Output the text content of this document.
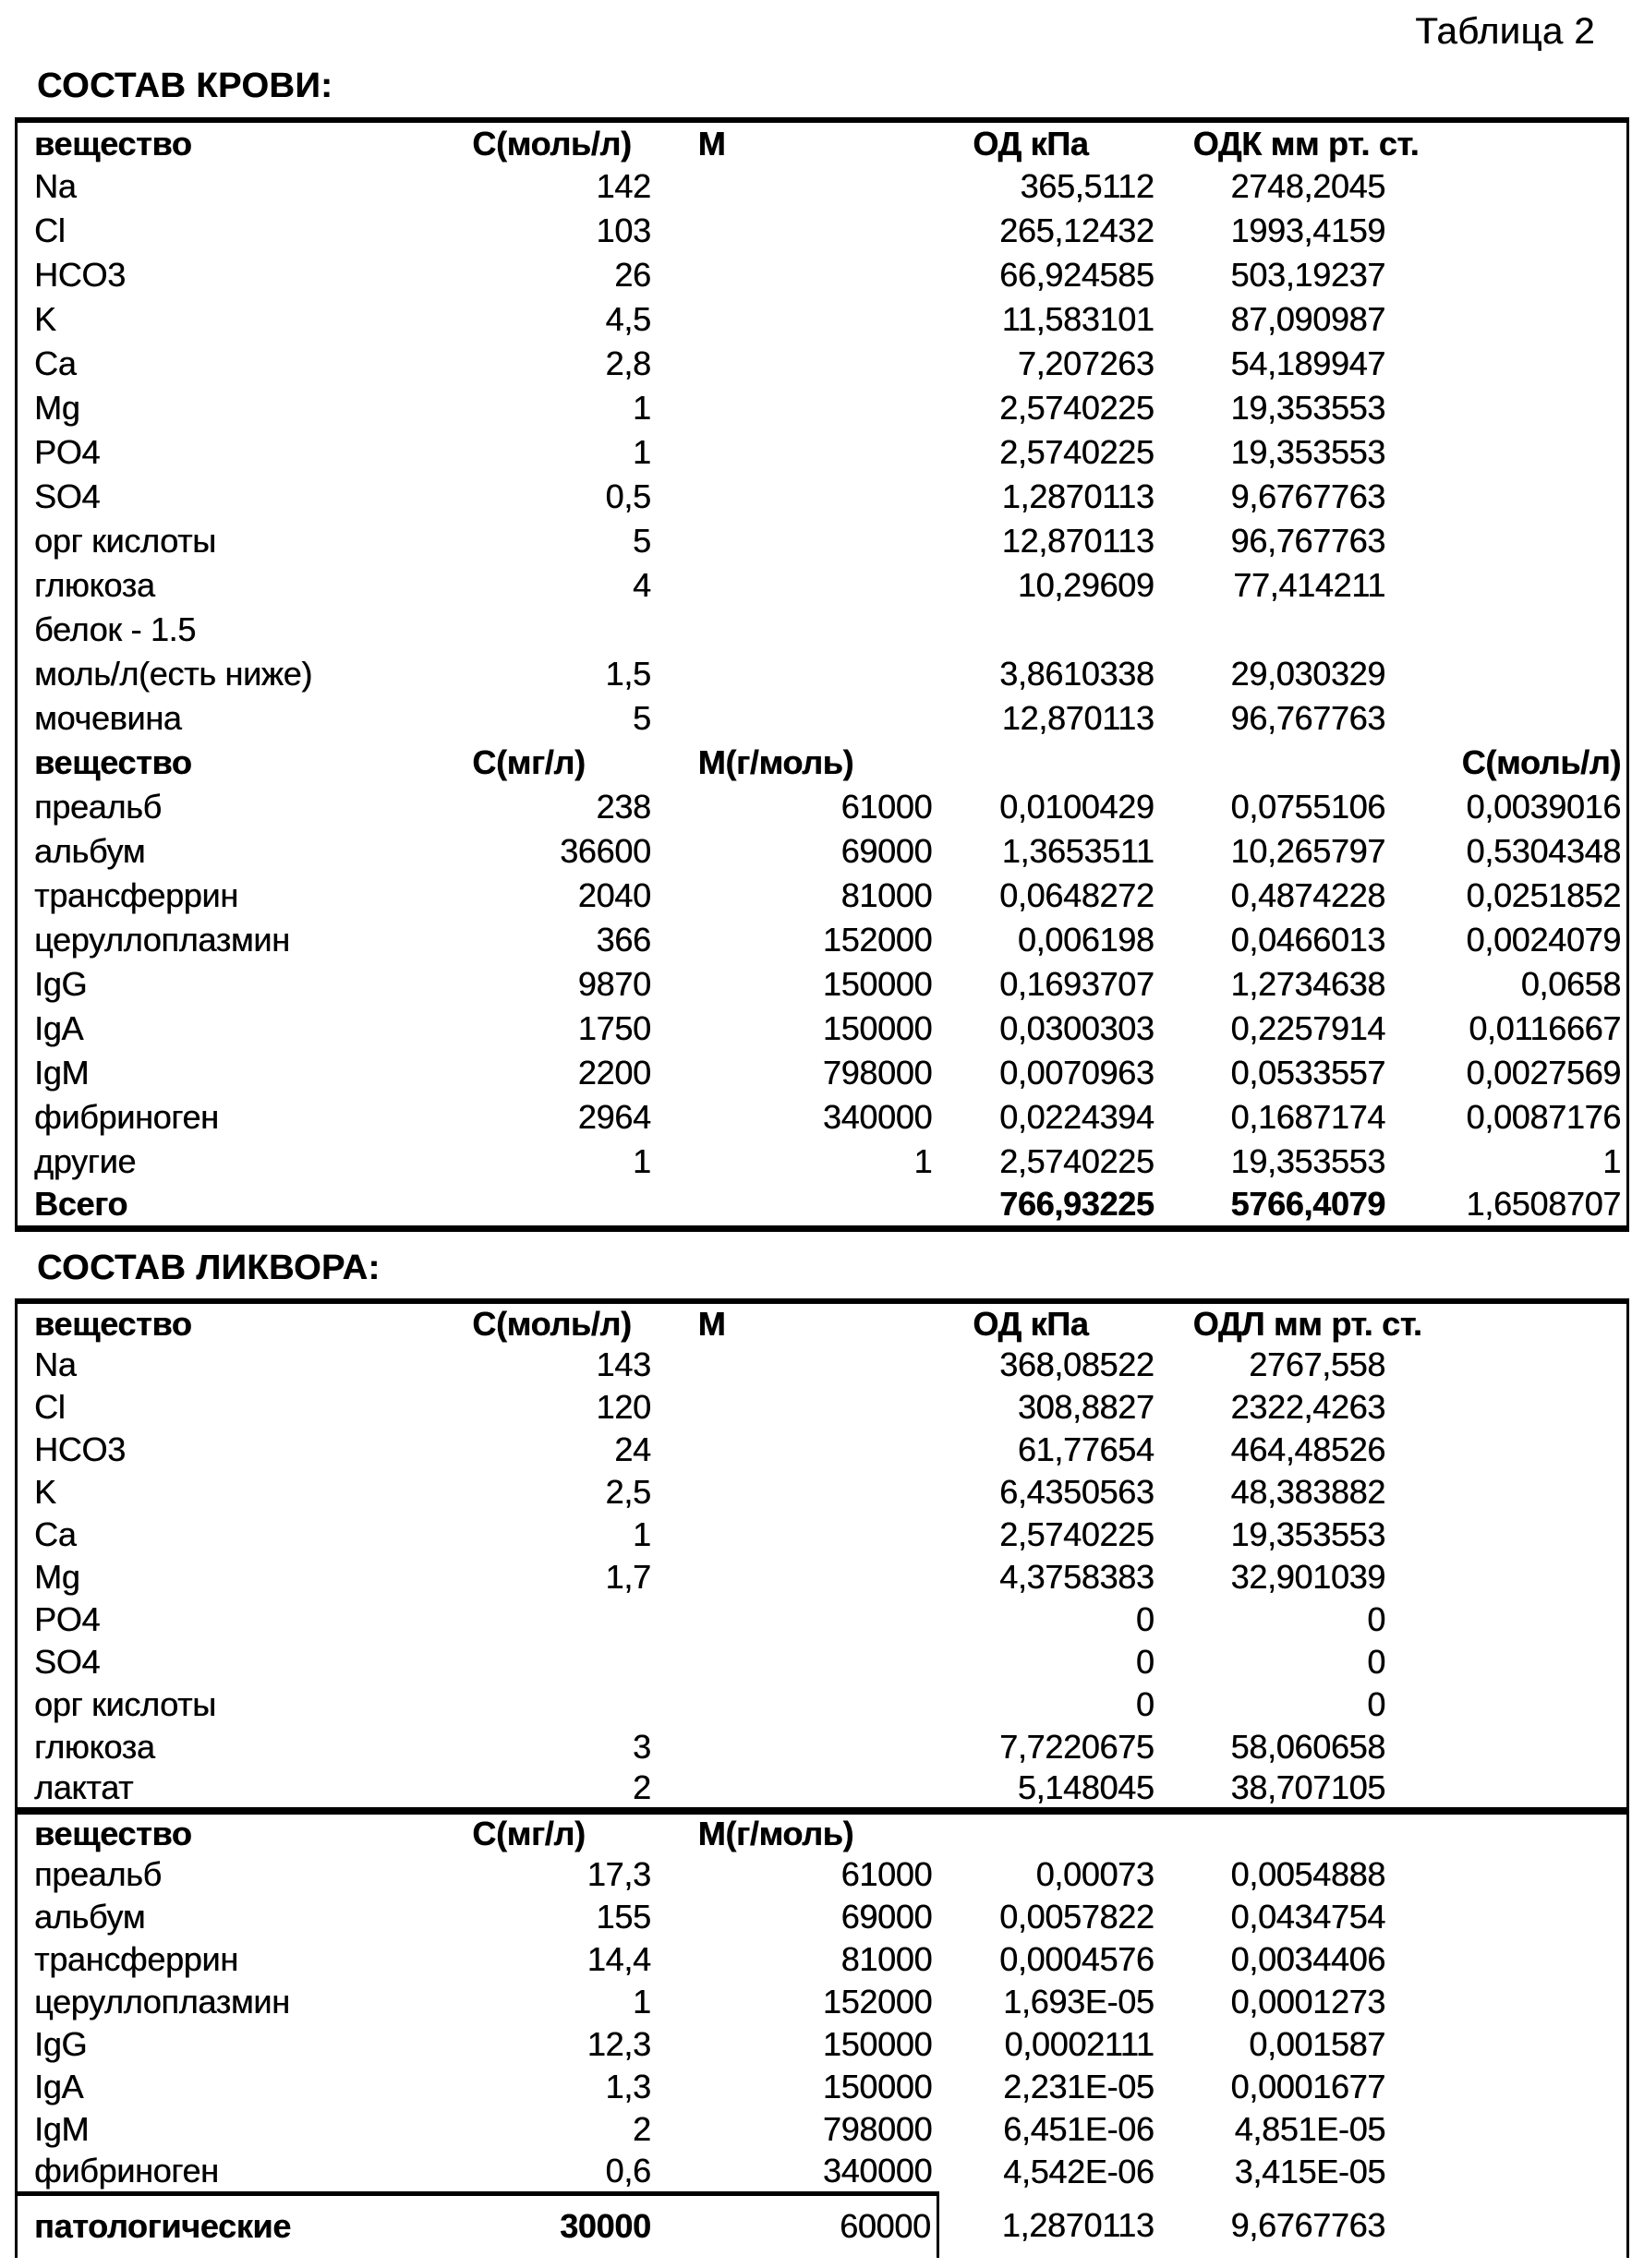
Таблица 2
СОСТАВ КРОВИ:
вещество	С(моль/л)	М	ОД кПа	ОДК мм рт. ст.	
Na	142		365,5112	2748,2045	
Cl	103		265,12432	1993,4159	
HCO3	26		66,924585	503,19237	
K	4,5		11,583101	87,090987	
Ca	2,8		7,207263	54,189947	
Mg	1		2,5740225	19,353553	
PO4	1		2,5740225	19,353553	
SO4	0,5		1,2870113	9,6767763	
орг кислоты	5		12,870113	96,767763	
глюкоза	4		10,29609	77,414211	
белок - 1.5					
моль/л(есть ниже)	1,5		3,8610338	29,030329	
мочевина	5		12,870113	96,767763	
вещество	С(мг/л)	М(г/моль)			С(моль/л)
преальб	238	61000	0,0100429	0,0755106	0,0039016
альбум	36600	69000	1,3653511	10,265797	0,5304348
трансферрин	2040	81000	0,0648272	0,4874228	0,0251852
церуллоплазмин	366	152000	0,006198	0,0466013	0,0024079
IgG	9870	150000	0,1693707	1,2734638	0,0658
IgA	1750	150000	0,0300303	0,2257914	0,0116667
IgM	2200	798000	0,0070963	0,0533557	0,0027569
фибриноген	2964	340000	0,0224394	0,1687174	0,0087176
другие	1	1	2,5740225	19,353553	1
Всего			766,93225	5766,4079	1,6508707
СОСТАВ ЛИКВОРА:
вещество	С(моль/л)	М	ОД кПа	ОДЛ мм рт. ст.	
Na	143		368,08522	2767,558	
Cl	120		308,8827	2322,4263	
HCO3	24		61,77654	464,48526	
K	2,5		6,4350563	48,383882	
Ca	1		2,5740225	19,353553	
Mg	1,7		4,3758383	32,901039	
PO4			0	0	
SO4			0	0	
орг кислоты			0	0	
глюкоза	3		7,7220675	58,060658	
лактат	2		5,148045	38,707105	
вещество	С(мг/л)	М(г/моль)			
преальб	17,3	61000	0,00073	0,0054888	
альбум	155	69000	0,0057822	0,0434754	
трансферрин	14,4	81000	0,0004576	0,0034406	
церуллоплазмин	1	152000	1,693E-05	0,0001273	
IgG	12,3	150000	0,0002111	0,001587	
IgA	1,3	150000	2,231E-05	0,0001677	
IgM	2	798000	6,451E-06	4,851E-05	
фибриноген	0,6	340000	4,542E-06	3,415E-05	
патологические	30000	60000	1,2870113	9,6767763	
